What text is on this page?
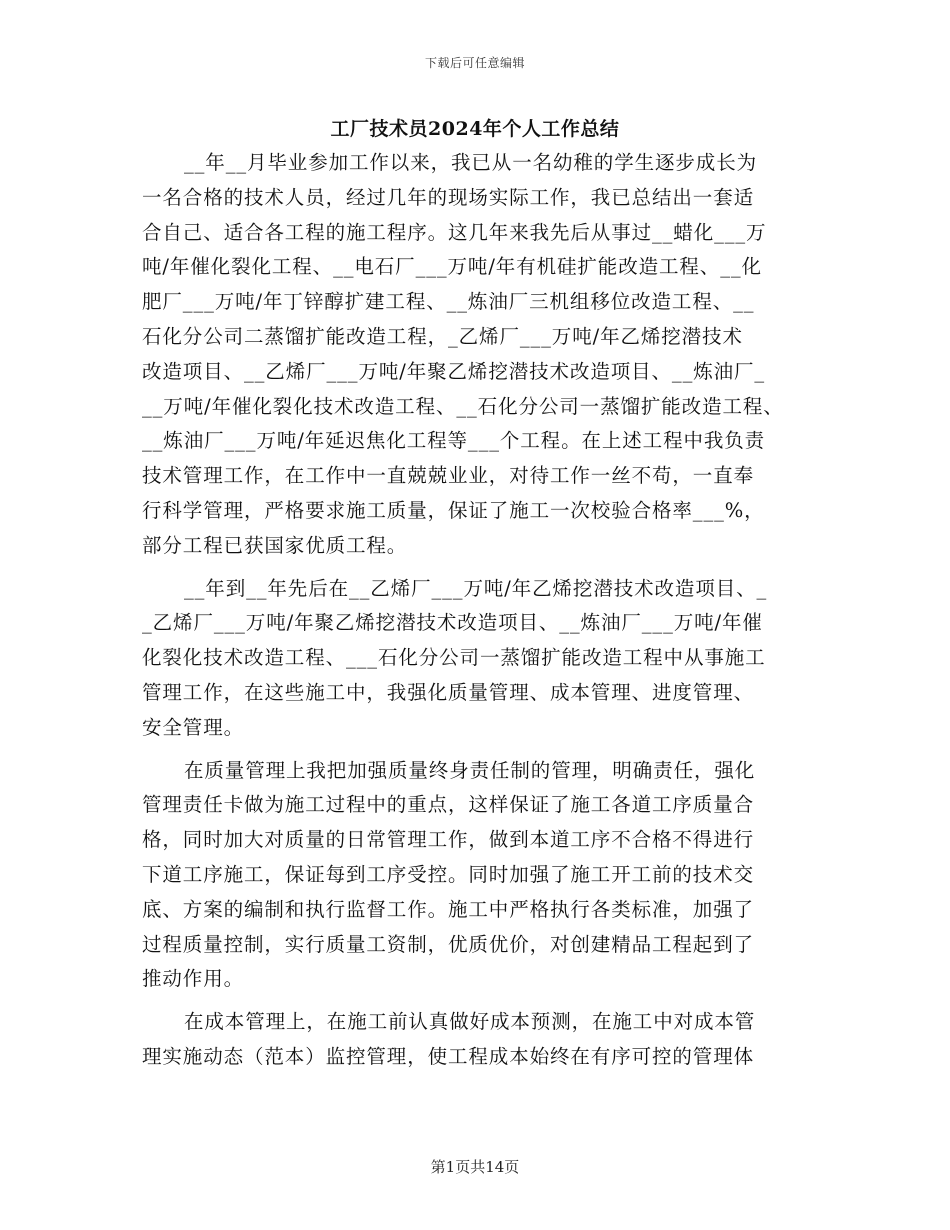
下载后可任意编辑
工厂技术员2024年个人工作总结
__年__月毕业参加工作以来，我已从一名幼稚的学生逐步成长为
一名合格的技术人员，经过几年的现场实际工作，我已总结出一套适
合自己、适合各工程的施工程序。这几年来我先后从事过__蜡化___万
吨/年催化裂化工程、__电石厂___万吨/年有机硅扩能改造工程、__化
肥厂___万吨/年丁锌醇扩建工程、__炼油厂三机组移位改造工程、__
石化分公司二蒸馏扩能改造工程，_乙烯厂___万吨/年乙烯挖潜技术
改造项目、__乙烯厂___万吨/年聚乙烯挖潜技术改造项目、__炼油厂_
__万吨/年催化裂化技术改造工程、__石化分公司一蒸馏扩能改造工程、
__炼油厂___万吨/年延迟焦化工程等___个工程。在上述工程中我负责
技术管理工作，在工作中一直兢兢业业，对待工作一丝不苟，一直奉
行科学管理，严格要求施工质量，保证了施工一次校验合格率___%，
部分工程已获国家优质工程。
__年到__年先后在__乙烯厂___万吨/年乙烯挖潜技术改造项目、_
_乙烯厂___万吨/年聚乙烯挖潜技术改造项目、__炼油厂___万吨/年催
化裂化技术改造工程、___石化分公司一蒸馏扩能改造工程中从事施工
管理工作，在这些施工中，我强化质量管理、成本管理、进度管理、
安全管理。
在质量管理上我把加强质量终身责任制的管理，明确责任，强化
管理责任卡做为施工过程中的重点，这样保证了施工各道工序质量合
格，同时加大对质量的日常管理工作，做到本道工序不合格不得进行
下道工序施工，保证每到工序受控。同时加强了施工开工前的技术交
底、方案的编制和执行监督工作。施工中严格执行各类标准，加强了
过程质量控制，实行质量工资制，优质优价，对创建精品工程起到了
推动作用。
在成本管理上，在施工前认真做好成本预测，在施工中对成本管
理实施动态（范本）监控管理，使工程成本始终在有序可控的管理体
第1页共14页
